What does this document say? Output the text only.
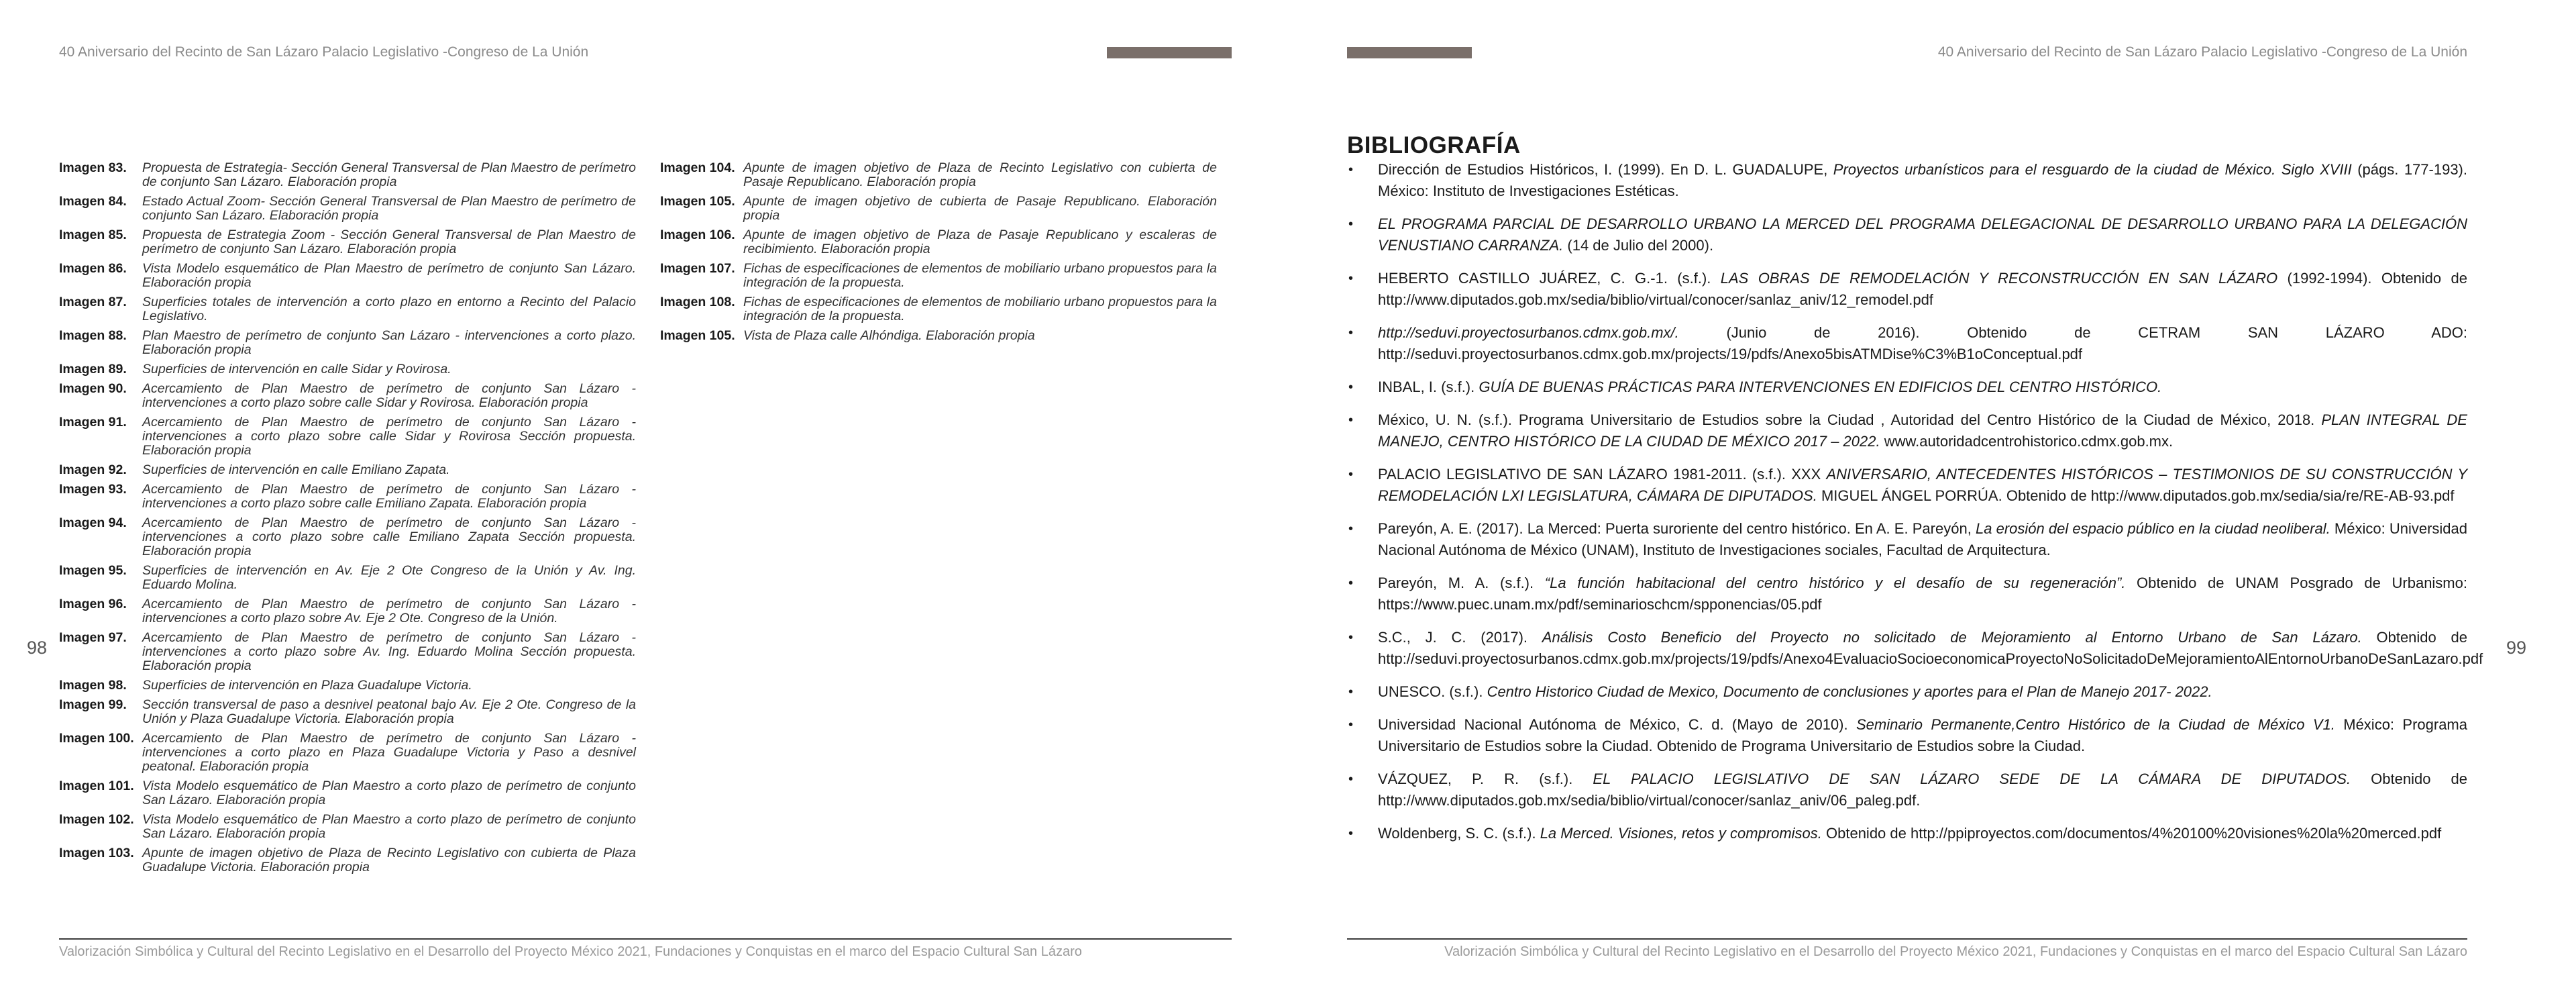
40 Aniversario del Recinto de San Lázaro Palacio Legislativo -Congreso de La Unión
98
Imagen 83.	Propuesta de Estrategia- Sección General Transversal de Plan Maestro de perímetro de conjunto San Lázaro. Elaboración propia
Imagen 84.	Estado Actual Zoom- Sección General Transversal de Plan Maestro de perímetro de conjunto San Lázaro. Elaboración propia
Imagen 85.	Propuesta de Estrategia Zoom - Sección General Transversal de Plan Maestro de perímetro de conjunto San Lázaro. Elaboración propia
Imagen 86.	Vista Modelo esquemático de Plan Maestro de perímetro de conjunto San Lázaro. Elaboración propia
Imagen 87.	Superficies totales de intervención a corto plazo en entorno a Recinto del Palacio Legislativo.
Imagen 88.	Plan Maestro de perímetro de conjunto San Lázaro - intervenciones a corto plazo. Elaboración propia
Imagen 89.	Superficies de intervención en calle Sidar y Rovirosa.
Imagen 90.	Acercamiento de Plan Maestro de perímetro de conjunto San Lázaro - intervenciones a corto plazo sobre calle Sidar y Rovirosa. Elaboración propia
Imagen 91.	Acercamiento de Plan Maestro de perímetro de conjunto San Lázaro - intervenciones a corto plazo sobre calle Sidar y Rovirosa Sección propuesta. Elaboración propia
Imagen 92.	Superficies de intervención en calle Emiliano Zapata.
Imagen 93.	Acercamiento de Plan Maestro de perímetro de conjunto San Lázaro - intervenciones a corto plazo sobre calle Emiliano Zapata. Elaboración propia
Imagen 94.	Acercamiento de Plan Maestro de perímetro de conjunto San Lázaro - intervenciones a corto plazo sobre calle Emiliano Zapata Sección propuesta. Elaboración propia
Imagen 95.	Superficies de intervención en Av. Eje 2 Ote Congreso de la Unión y Av. Ing. Eduardo Molina.
Imagen 96.	Acercamiento de Plan Maestro de perímetro de conjunto San Lázaro - intervenciones a corto plazo sobre Av. Eje 2 Ote. Congreso de la Unión.
Imagen 97.	Acercamiento de Plan Maestro de perímetro de conjunto San Lázaro - intervenciones a corto plazo sobre Av. Ing. Eduardo Molina Sección propuesta. Elaboración propia
Imagen 98.	Superficies de intervención en Plaza Guadalupe Victoria.
Imagen 99.	Sección transversal de paso a desnivel peatonal bajo Av. Eje 2 Ote. Congreso de la Unión y Plaza Guadalupe Victoria. Elaboración propia
Imagen 100. Acercamiento de Plan Maestro de perímetro de conjunto San Lázaro - intervenciones a corto plazo en Plaza Guadalupe Victoria y Paso a desnivel peatonal. Elaboración propia
Imagen 101. Vista Modelo esquemático de Plan Maestro a corto plazo de perímetro de conjunto San Lázaro. Elaboración propia
Imagen 102. Vista Modelo esquemático de Plan Maestro a corto plazo de perímetro de conjunto San Lázaro. Elaboración propia
Imagen 103. Apunte de imagen objetivo de Plaza de Recinto Legislativo con cubierta de Plaza Guadalupe Victoria. Elaboración propia
Imagen 104. Apunte de imagen objetivo de Plaza de Recinto Legislativo con cubierta de Pasaje Republicano. Elaboración propia
Imagen 105. Apunte de imagen objetivo de cubierta de Pasaje Republicano. Elaboración propia
Imagen 106. Apunte de imagen objetivo de Plaza de Pasaje Republicano y escaleras de recibimiento. Elaboración propia
Imagen 107. Fichas de especificaciones de elementos de mobiliario urbano propuestos para la integración de la propuesta.
Imagen 108. Fichas de especificaciones de elementos de mobiliario urbano propuestos para la integración de la propuesta.
Imagen 105. Vista de Plaza calle Alhóndiga. Elaboración propia
Valorización Simbólica y Cultural del Recinto Legislativo en el Desarrollo del Proyecto México 2021, Fundaciones y Conquistas en el marco del Espacio Cultural San Lázaro
40 Aniversario del Recinto de San Lázaro Palacio Legislativo -Congreso de La Unión
BIBLIOGRAFÍA
• Dirección de Estudios Históricos, I. (1999). En D. L. GUADALUPE, Proyectos urbanísticos para el resguardo de la ciudad de México. Siglo XVIII (págs. 177-193). México: Instituto de Investigaciones Estéticas.
• EL PROGRAMA PARCIAL DE DESARROLLO URBANO LA MERCED DEL PROGRAMA DELEGACIONAL DE DESARROLLO URBANO PARA LA DELEGACIÓN VENUSTIANO CARRANZA. (14 de Julio del 2000).
• HEBERTO CASTILLO JUÁREZ, C. G.-1. (s.f.). LAS OBRAS DE REMODELACIÓN Y RECONSTRUCCIÓN EN SAN LÁZARO (1992-1994). Obtenido de http://www.diputados.gob.mx/sedia/biblio/virtual/conocer/sanlaz_aniv/12_remodel.pdf
• http://seduvi.proyectosurbanos.cdmx.gob.mx/. (Junio de 2016). Obtenido de CETRAM SAN LÁZARO ADO: http://seduvi.proyectosurbanos.cdmx.gob.mx/projects/19/pdfs/Anexo5bisATMDise%C3%B1oConceptual.pdf
• INBAL, I. (s.f.). GUÍA DE BUENAS PRÁCTICAS PARA INTERVENCIONES EN EDIFICIOS DEL CENTRO HISTÓRICO.
• México, U. N. (s.f.). Programa Universitario de Estudios sobre la Ciudad , Autoridad del Centro Histórico de la Ciudad de México, 2018. PLAN INTEGRAL DE MANEJO, CENTRO HISTÓRICO DE LA CIUDAD DE MÉXICO 2017 – 2022. www.autoridadcentrohistorico.cdmx.gob.mx.
• PALACIO LEGISLATIVO DE SAN LÁZARO 1981-2011. (s.f.). XXX ANIVERSARIO, ANTECEDENTES HISTÓRICOS – TESTIMONIOS DE SU CONSTRUCCIÓN Y REMODELACIÓN LXI LEGISLATURA, CÁMARA DE DIPUTADOS. MIGUEL ÁNGEL PORRÚA. Obtenido de http://www.diputados.gob.mx/sedia/sia/re/RE-AB-93.pdf
• Pareyón, A. E. (2017). La Merced: Puerta suroriente del centro histórico. En A. E. Pareyón, La erosión del espacio público en la ciudad neoliberal. México: Universidad Nacional Autónoma de México (UNAM), Instituto de Investigaciones sociales, Facultad de Arquitectura.
• Pareyón, M. A. (s.f.). “La función habitacional del centro histórico y el desafío de su regeneración”. Obtenido de UNAM Posgrado de Urbanismo: https://www.puec.unam.mx/pdf/seminarioschcm/spponencias/05.pdf
• S.C., J. C. (2017). Análisis Costo Beneficio del Proyecto no solicitado de Mejoramiento al Entorno Urbano de San Lázaro. Obtenido de http://seduvi.proyectosurbanos.cdmx.gob.mx/projects/19/pdfs/Anexo4EvaluacioSocioeconomicaProyectoNoSolicitadoDeMejoramientoAlEntornoUrbanoDeSanLazaro.pdf
• UNESCO. (s.f.). Centro Historico Ciudad de Mexico, Documento de conclusiones y aportes para el Plan de Manejo 2017- 2022.
• Universidad Nacional Autónoma de México, C. d. (Mayo de 2010). Seminario Permanente,Centro Histórico de la Ciudad de México V1. México: Programa Universitario de Estudios sobre la Ciudad. Obtenido de Programa Universitario de Estudios sobre la Ciudad.
• VÁZQUEZ, P. R. (s.f.). EL PALACIO LEGISLATIVO DE SAN LÁZARO SEDE DE LA CÁMARA DE DIPUTADOS. Obtenido de http://www.diputados.gob.mx/sedia/biblio/virtual/conocer/sanlaz_aniv/06_paleg.pdf.
• Woldenberg, S. C. (s.f.). La Merced. Visiones, retos y compromisos. Obtenido de http://ppiproyectos.com/documentos/4%20100%20visiones%20la%20merced.pdf
99
Valorización Simbólica y Cultural del Recinto Legislativo en el Desarrollo del Proyecto México 2021, Fundaciones y Conquistas en el marco del Espacio Cultural San Lázaro
